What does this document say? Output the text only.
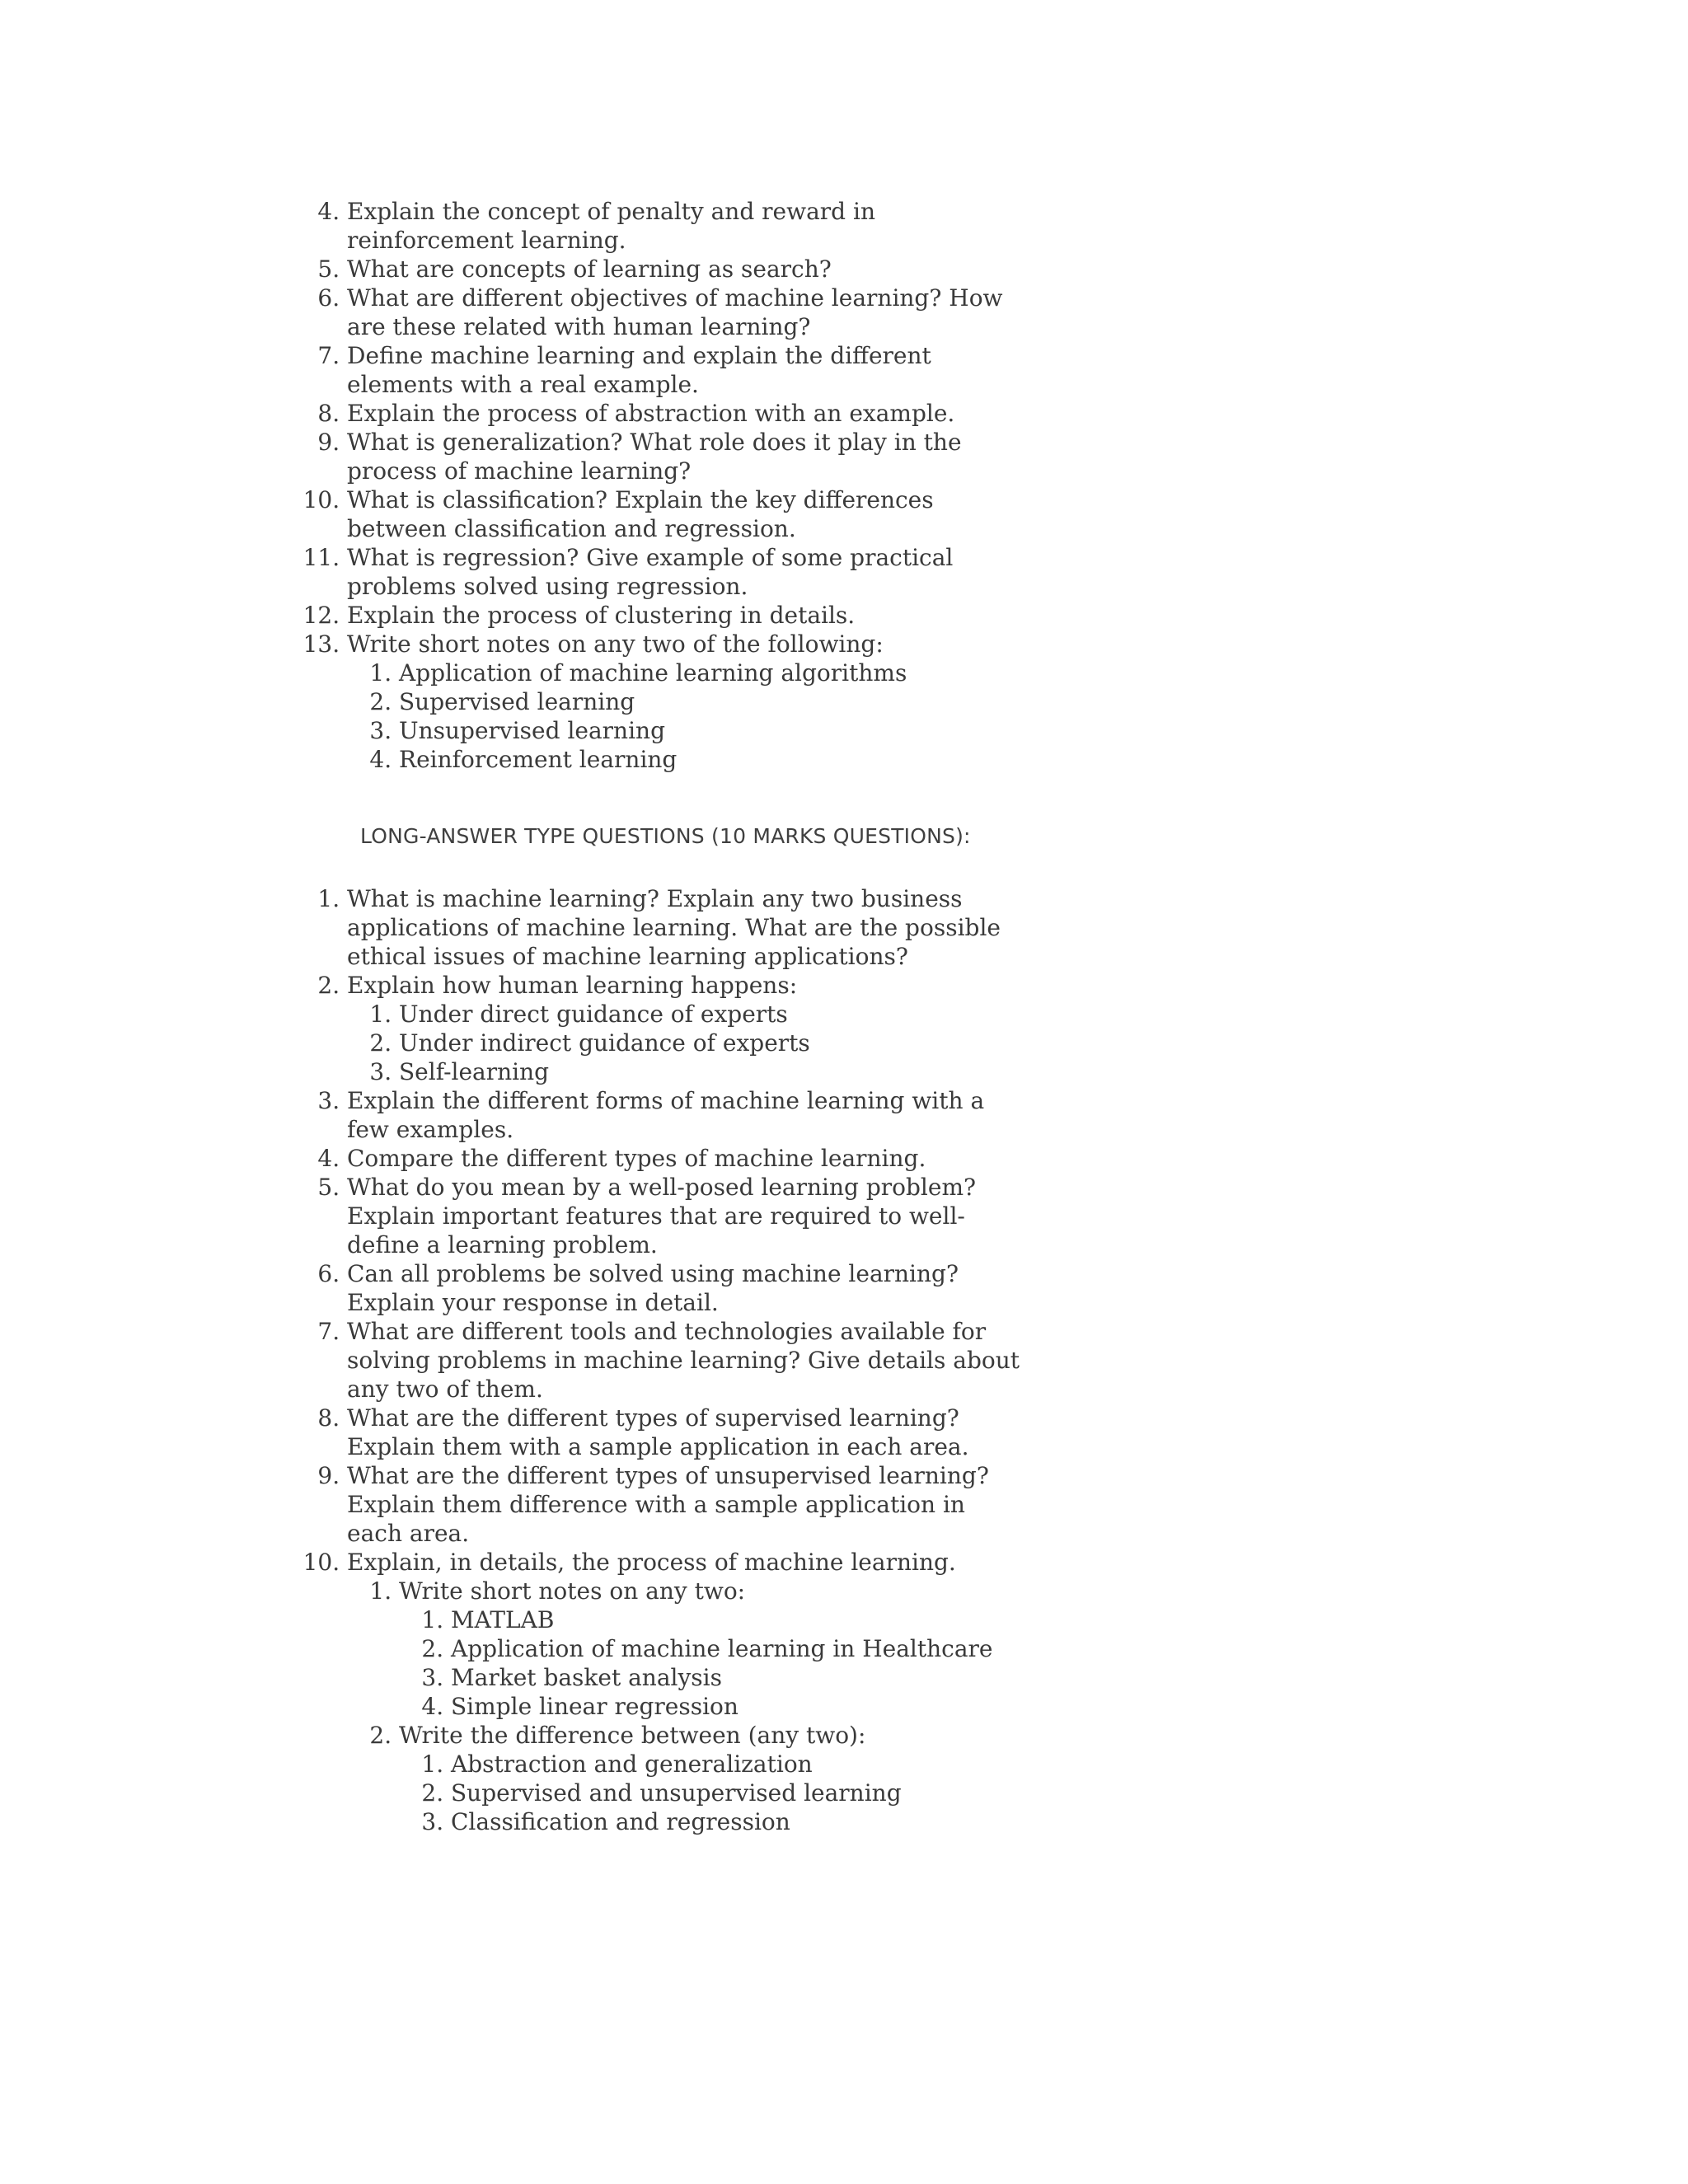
4. Explain the concept of penalty and reward in reinforcement learning.
5. What are concepts of learning as search?
6. What are different objectives of machine learning? How are these related with human learning?
7. Define machine learning and explain the different elements with a real example.
8. Explain the process of abstraction with an example.
9. What is generalization? What role does it play in the process of machine learning?
10. What is classification? Explain the key differences between classification and regression.
11. What is regression? Give example of some practical problems solved using regression.
12. Explain the process of clustering in details.
13. Write short notes on any two of the following:
1. Application of machine learning algorithms
2. Supervised learning
3. Unsupervised learning
4. Reinforcement learning
LONG-ANSWER TYPE QUESTIONS (10 MARKS QUESTIONS):
1. What is machine learning? Explain any two business applications of machine learning. What are the possible ethical issues of machine learning applications?
2. Explain how human learning happens:
1. Under direct guidance of experts
2. Under indirect guidance of experts
3. Self-learning
3. Explain the different forms of machine learning with a few examples.
4. Compare the different types of machine learning.
5. What do you mean by a well-posed learning problem? Explain important features that are required to well-define a learning problem.
6. Can all problems be solved using machine learning? Explain your response in detail.
7. What are different tools and technologies available for solving problems in machine learning? Give details about any two of them.
8. What are the different types of supervised learning? Explain them with a sample application in each area.
9. What are the different types of unsupervised learning? Explain them difference with a sample application in each area.
10. Explain, in details, the process of machine learning.
1. Write short notes on any two:
1. MATLAB
2. Application of machine learning in Healthcare
3. Market basket analysis
4. Simple linear regression
2. Write the difference between (any two):
1. Abstraction and generalization
2. Supervised and unsupervised learning
3. Classification and regression
